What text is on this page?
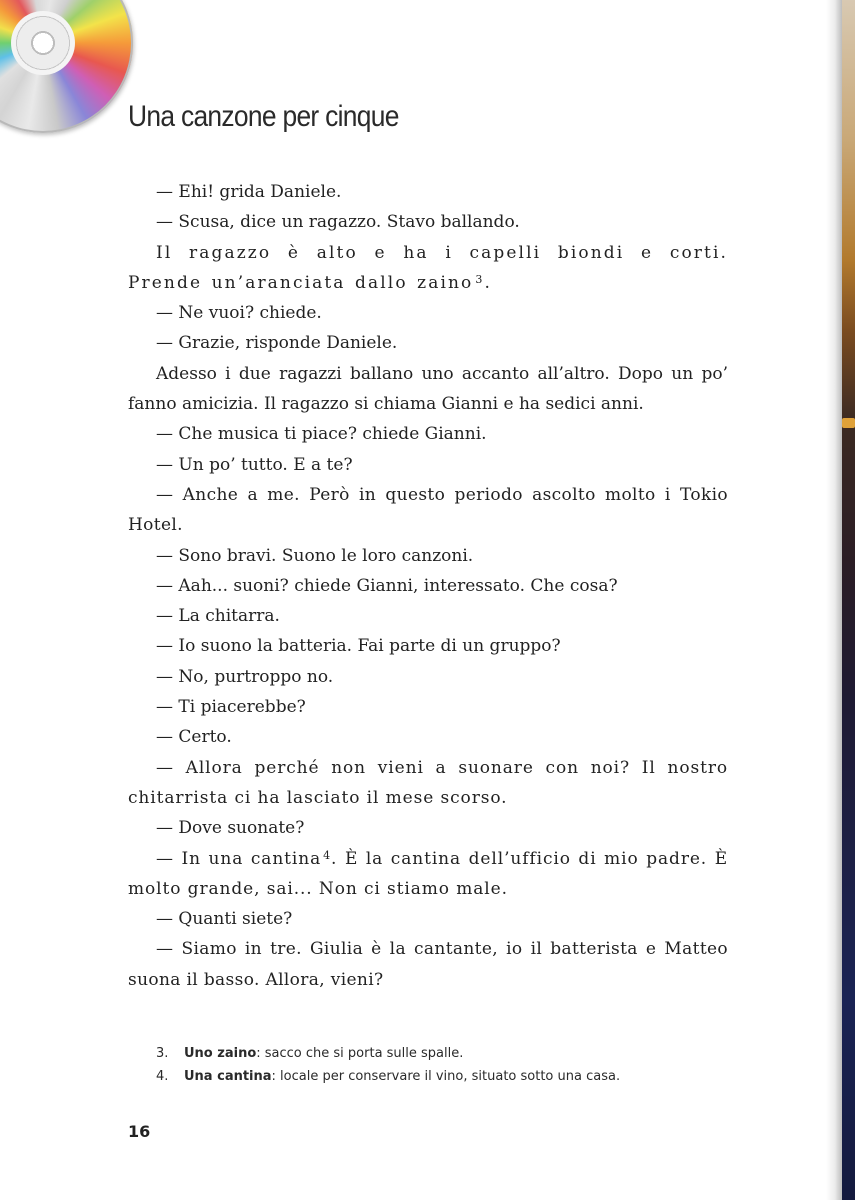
Una canzone per cinque

— Ehi! grida Daniele.

— Scusa, dice un ragazzo. Stavo ballando.

Il ragazzo è alto e ha i capelli biondi e corti. Prende un’aranciata dallo zaino $^3$.

— Ne vuoi? chiede.

— Grazie, risponde Daniele.

Adesso i due ragazzi ballano uno accanto all’altro. Dopo un po’ fanno amicizia. Il ragazzo si chiama Gianni e ha sedici anni.

— Che musica ti piace? chiede Gianni.

— Un po’ tutto. E a te?

— Anche a me. Però in questo periodo ascolto molto i Tokio Hotel.

— Sono bravi. Suono le loro canzoni.

— Aah... suoni? chiede Gianni, interessato. Che cosa?

— La chitarra.

— Io suono la batteria. Fai parte di un gruppo?

— No, purtroppo no.

— Ti piacerebbe?

— Certo.

— Allora perché non vieni a suonare con noi? Il nostro chitarrista ci ha lasciato il mese scorso.

— Dove suonate?

— In una cantina $^4$. È la cantina dell’ufficio di mio padre. È molto grande, sai... Non ci stiamo male.

— Quanti siete?

— Siamo in tre. Giulia è la cantante, io il batterista e Matteo suona il basso. Allora, vieni?

3. Uno zaino: sacco che si porta sulle spalle.

4. Una cantina: locale per conservare il vino, situato sotto una casa.

16
